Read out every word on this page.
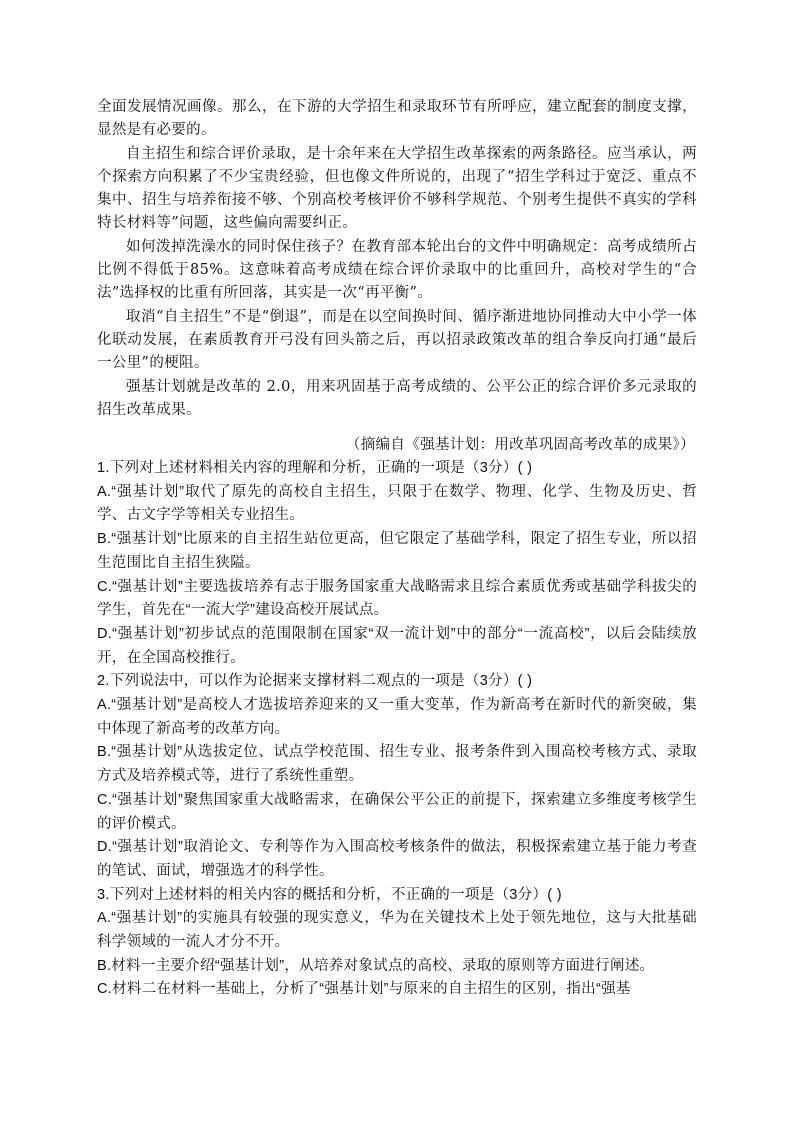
全面发展情况画像。那么，在下游的大学招生和录取环节有所呼应，建立配套的制度支撑，显然是有必要的。

自主招生和综合评价录取，是十余年来在大学招生改革探索的两条路径。应当承认，两个探索方向积累了不少宝贵经验，但也像文件所说的，出现了“招生学科过于宽泛、重点不集中、招生与培养衔接不够、个别高校考核评价不够科学规范、个别考生提供不真实的学科特长材料等”问题，这些偏向需要纠正。

如何泼掉洗澡水的同时保住孩子？在教育部本轮出台的文件中明确规定：高考成绩所占比例不得低于85%。这意味着高考成绩在综合评价录取中的比重回升，高校对学生的“合法”选择权的比重有所回落，其实是一次“再平衡”。

取消“自主招生”不是“倒退”，而是在以空间换时间、循序渐进地协同推动大中小学一体化联动发展，在素质教育开弓没有回头箭之后，再以招录政策改革的组合拳反向打通“最后一公里”的梗阻。

强基计划就是改革的 2.0，用来巩固基于高考成绩的、公平公正的综合评价多元录取的招生改革成果。

（摘编自《强基计划：用改革巩固高考改革的成果》）

1.下列对上述材料相关内容的理解和分析，正确的一项是（3分）( )

A.“强基计划”取代了原先的高校自主招生，只限于在数学、物理、化学、生物及历史、哲学、古文字学等相关专业招生。

B.“强基计划”比原来的自主招生站位更高，但它限定了基础学科，限定了招生专业，所以招生范围比自主招生狭隘。

C.“强基计划”主要选拔培养有志于服务国家重大战略需求且综合素质优秀或基础学科拔尖的学生，首先在“一流大学”建设高校开展试点。

D.“强基计划”初步试点的范围限制在国家“双一流计划”中的部分“一流高校”，以后会陆续放开，在全国高校推行。

2.下列说法中，可以作为论据来支撑材料二观点的一项是（3分）( )

A.“强基计划”是高校人才选拔培养迎来的又一重大变革，作为新高考在新时代的新突破，集中体现了新高考的改革方向。

B.“强基计划”从选拔定位、试点学校范围、招生专业、报考条件到入围高校考核方式、录取方式及培养模式等，进行了系统性重塑。

C.“强基计划”聚焦国家重大战略需求，在确保公平公正的前提下，探索建立多维度考核学生的评价模式。

D.“强基计划”取消论文、专利等作为入围高校考核条件的做法，积极探索建立基于能力考查的笔试、面试，增强选才的科学性。

3.下列对上述材料的相关内容的概括和分析，不正确的一项是（3分）( )

A.“强基计划”的实施具有较强的现实意义，华为在关键技术上处于领先地位，这与大批基础科学领域的一流人才分不开。

B.材料一主要介绍“强基计划”，从培养对象试点的高校、录取的原则等方面进行阐述。

C.材料二在材料一基础上，分析了“强基计划”与原来的自主招生的区别，指出“强基
